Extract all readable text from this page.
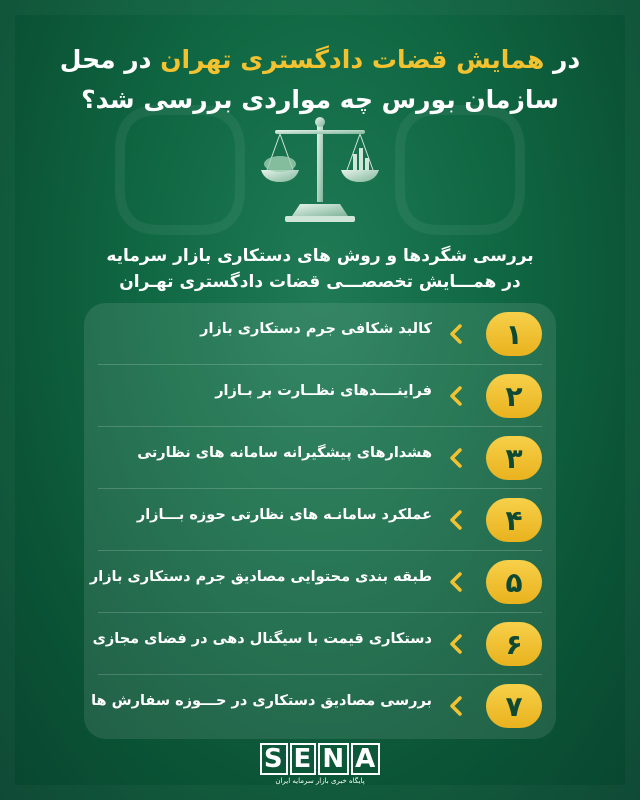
در همایش قضات دادگستری تهران در محل
سازمان بورس چه مواردی بررسی شد؟
بررسی شگردها و روش های دستکاری بازار سرمایه
در همـــایش تخصصـــی قضات دادگستری تهـران
۱
کالبد شکافی جرم دستکاری بازار
۲
فراینــــدهای نظــارت بر بـازار
۳
هشدارهای پیشگیرانه سامانه های نظارتی
۴
عملکرد سامانـه های نظارتی حوزه بـــازار
۵
طبقه بندی محتوایی مصادیق جرم دستکاری بازار
۶
دستکاری قیمت با سیگنال دهی در فضای مجازی
۷
بررسی مصادیق دستکاری در حـــوزه سفارش ها
S E N A
پایگاه خبری بازار سرمایه ایران
